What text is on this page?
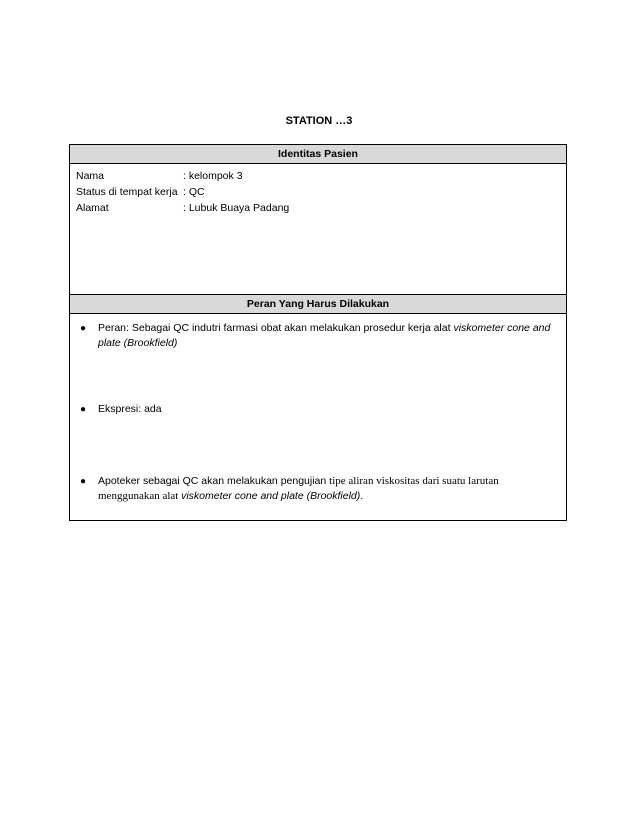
STATION …3
Identitas Pasien
Nama	: kelompok 3
Status di tempat kerja : QC
Alamat	: Lubuk Buaya Padang
Peran Yang Harus Dilakukan
● Peran: Sebagai QC indutri farmasi obat akan melakukan prosedur kerja alat viskometer cone and plate (Brookfield)
● Ekspresi: ada
● Apoteker sebagai QC akan melakukan pengujian tipe aliran viskositas dari suatu larutan menggunakan alat viskometer cone and plate (Brookfield).
